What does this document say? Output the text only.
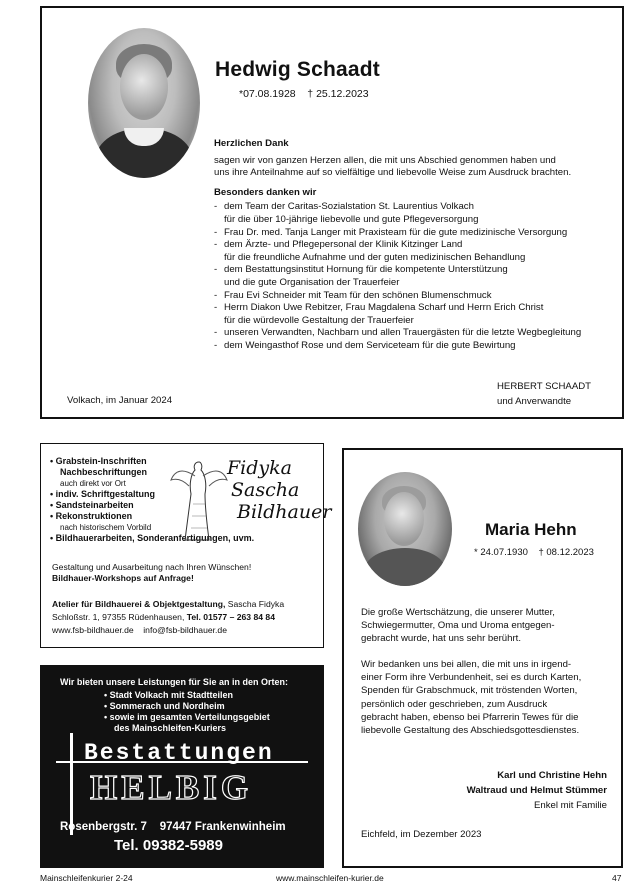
Hedwig Schaadt
*07.08.1928    † 25.12.2023
Herzlichen Dank
sagen wir von ganzen Herzen allen, die mit uns Abschied genommen haben und
uns ihre Anteilnahme auf so vielfältige und liebevolle Weise zum Ausdruck brachten.
Besonders danken wir
- dem Team der Caritas-Sozialstation St. Laurentius Volkach
für die über 10-jährige liebevolle und gute Pflegeversorgung
- Frau Dr. med. Tanja Langer mit Praxisteam für die gute medizinische Versorgung
- dem Ärzte- und Pflegepersonal der Klinik Kitzinger Land
für die freundliche Aufnahme und der guten medizinischen Behandlung
- dem Bestattungsinstitut Hornung für die kompetente Unterstützung
und die gute Organisation der Trauerfeier
- Frau Evi Schneider mit Team für den schönen Blumenschmuck
- Herrn Diakon Uwe Rebitzer, Frau Magdalena Scharf und Herrn Erich Christ
für die würdevolle Gestaltung der Trauerfeier
- unseren Verwandten, Nachbarn und allen Trauergästen für die letzte Wegbegleitung
- dem Weingasthof Rose und dem Serviceteam für die gute Bewirtung
Volkach, im Januar 2024
HERBERT SCHAADT
und Anverwandte
• Grabstein-Inschriften
Nachbeschriftungen
auch direkt vor Ort
• indiv. Schriftgestaltung
• Sandsteinarbeiten
• Rekonstruktionen
nach historischem Vorbild
• Bildhauerarbeiten, Sonderanfertigungen, uvm.
Fidyka
Sascha
Bildhauer
Gestaltung und Ausarbeitung nach Ihren Wünschen!
Bildhauer-Workshops auf Anfrage!
Atelier für Bildhauerei & Objektgestaltung, Sascha Fidyka
Schloßstr. 1, 97355 Rüdenhausen, Tel. 01577 – 263 84 84
www.fsb-bildhauer.de info@fsb-bildhauer.de
Wir bieten unsere Leistungen für Sie an in den Orten:
• Stadt Volkach mit Stadtteilen
• Sommerach und Nordheim
• sowie im gesamten Verteilungsgebiet
des Mainschleifen-Kuriers
Bestattungen
HELBIG
Rosenbergstr. 7    97447 Frankenwinheim
Tel. 09382-5989
Maria Hehn
* 24.07.1930    † 08.12.2023
Die große Wertschätzung, die unserer Mutter,
Schwiegermutter, Oma und Uroma entgegen-
gebracht wurde, hat uns sehr berührt.
Wir bedanken uns bei allen, die mit uns in irgend-
einer Form ihre Verbundenheit, sei es durch Karten,
Spenden für Grabschmuck, mit tröstenden Worten,
persönlich oder geschrieben, zum Ausdruck
gebracht haben, ebenso bei Pfarrerin Tewes für die
liebevolle Gestaltung des Abschiedsgottesdienstes.
Karl und Christine Hehn
Waltraud und Helmut Stümmer
Enkel mit Familie
Eichfeld, im Dezember 2023
Mainschleifenkurier 2-24	www.mainschleifen-kurier.de	47
